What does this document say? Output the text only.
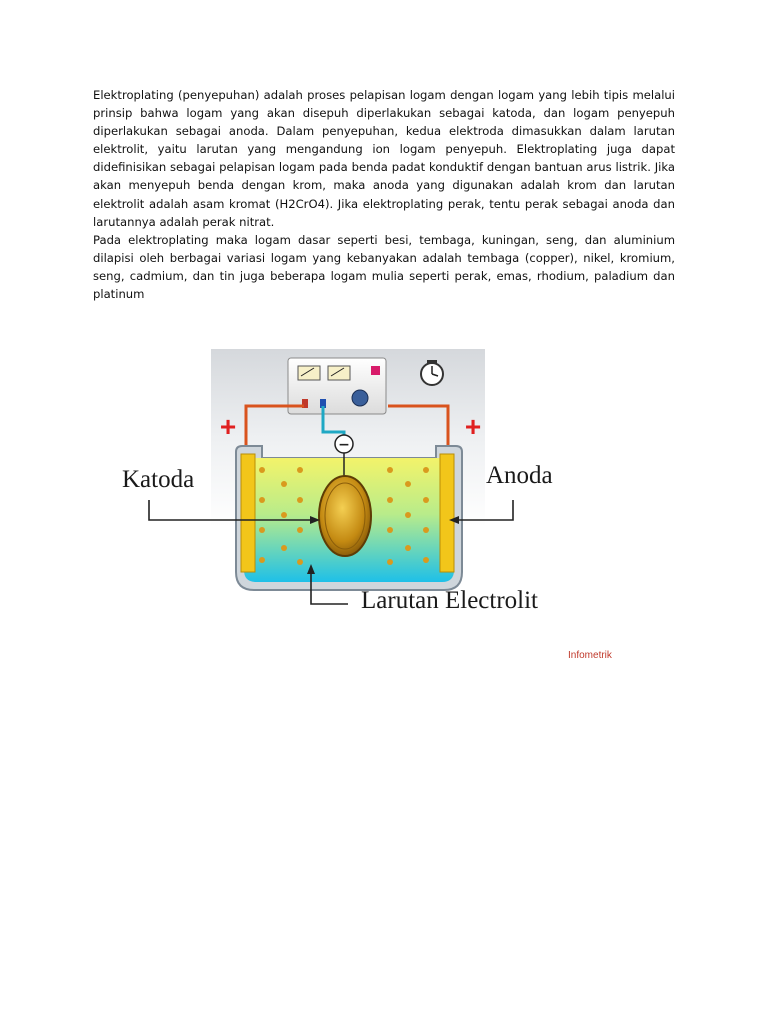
Elektroplating (penyepuhan) adalah proses pelapisan logam dengan logam yang lebih tipis melalui prinsip bahwa logam yang akan disepuh diperlakukan sebagai katoda, dan logam penyepuh diperlakukan sebagai anoda. Dalam penyepuhan, kedua elektroda dimasukkan dalam larutan elektrolit, yaitu larutan yang mengandung ion logam penyepuh. Elektroplating juga dapat didefinisikan sebagai pelapisan logam pada benda padat konduktif dengan bantuan arus listrik. Jika akan menyepuh benda dengan krom, maka anoda yang digunakan adalah krom dan larutan elektrolit adalah asam kromat (H2CrO4). Jika elektroplating perak, tentu perak sebagai anoda dan larutannya adalah perak nitrat.

Pada elektroplating maka logam dasar seperti besi, tembaga, kuningan, seng, dan aluminium dilapisi oleh berbagai variasi logam yang kebanyakan adalah tembaga (copper), nikel, kromium, seng, cadmium, dan tin juga beberapa logam mulia seperti perak, emas, rhodium, paladium dan platinum

+	+
−
Katoda	Anoda
Larutan Electrolit
Infometrik
